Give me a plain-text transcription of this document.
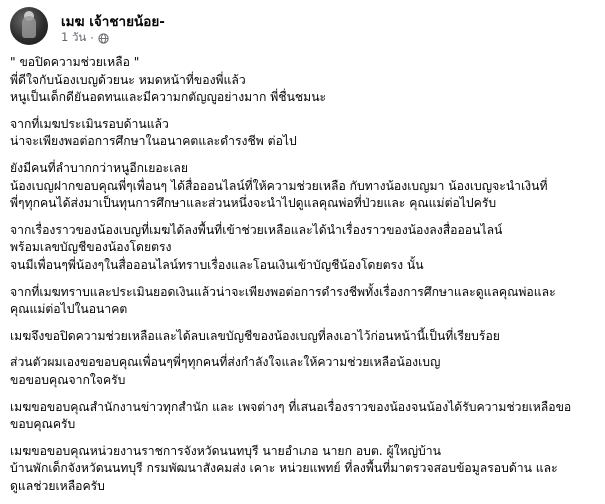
เมฆ เจ้าชายน้อย-
1 วัน ·
" ขอปิดความช่วยเหลือ "
พี่ดีใจกับน้องเบญด้วยนะ หมดหน้าที่ของพี่แล้ว
หนูเป็นเด็กดียันอดทนและมีความกตัญญูอย่างมาก พี่ชื่นชมนะ
จากที่เมฆประเมินรอบด้านแล้ว
น่าจะเพียงพอต่อการศึกษาในอนาคตและดำรงชีพ ต่อไป
ยังมีคนที่ลำบากกว่าหนูอีกเยอะเลย
น้องเบญฝากขอบคุณพี่ๆเพื่อนๆ ได้สื่อออนไลน์ที่ให้ความช่วยเหลือ กับทางน้องเบญมา น้องเบญจะนำเงินที่
พี่ๆทุกคนได้ส่งมาเป็นทุนการศึกษาและส่วนหนึ่งจะนำไปดูแลคุณพ่อที่ป่วยและ คุณแม่ต่อไปครับ
จากเรื่องราวของน้องเบญที่เมฆได้ลงพื้นที่เข้าช่วยเหลือและได้นำเรื่องราวของน้องลงสื่อออนไลน์
พร้อมเลขบัญชีของน้องโดยตรง
จนมีเพื่อนๆพี่น้องๆในสื่อออนไลน์ทราบเรื่องและโอนเงินเข้าบัญชีน้องโดยตรง นั้น
จากที่เมฆทราบและประเมินยอดเงินแล้วน่าจะเพียงพอต่อการดำรงชีพทั้งเรื่องการศึกษาและดูแลคุณพ่อและ
คุณแม่ต่อไปในอนาคต
เมฆจึงขอปิดความช่วยเหลือและได้ลบเลขบัญชีของน้องเบญที่ลงเอาไว้ก่อนหน้านี้เป็นที่เรียบร้อย
ส่วนตัวผมเองขอขอบคุณเพื่อนๆพี่ๆทุกคนที่ส่งกำลังใจและให้ความช่วยเหลือน้องเบญ
ขอขอบคุณจากใจครับ
เมฆขอขอบคุณสำนักงานข่าวทุกสำนัก และ เพจต่างๆ ที่เสนอเรื่องราวของน้องจนน้องได้รับความช่วยเหลือขอ
ขอบคุณครับ
เมฆขอขอบคุณหน่วยงานราชการจังหวัดนนทบุรี นายอำเภอ นายก อบต. ผู้ใหญ่บ้าน
บ้านพักเด็กจังหวัดนนทบุรี กรมพัฒนาสังคมส่ง เคาะ หน่วยแพทย์ ที่ลงพื้นที่มาตรวจสอบข้อมูลรอบด้าน และ
ดูแลช่วยเหลือครับ
